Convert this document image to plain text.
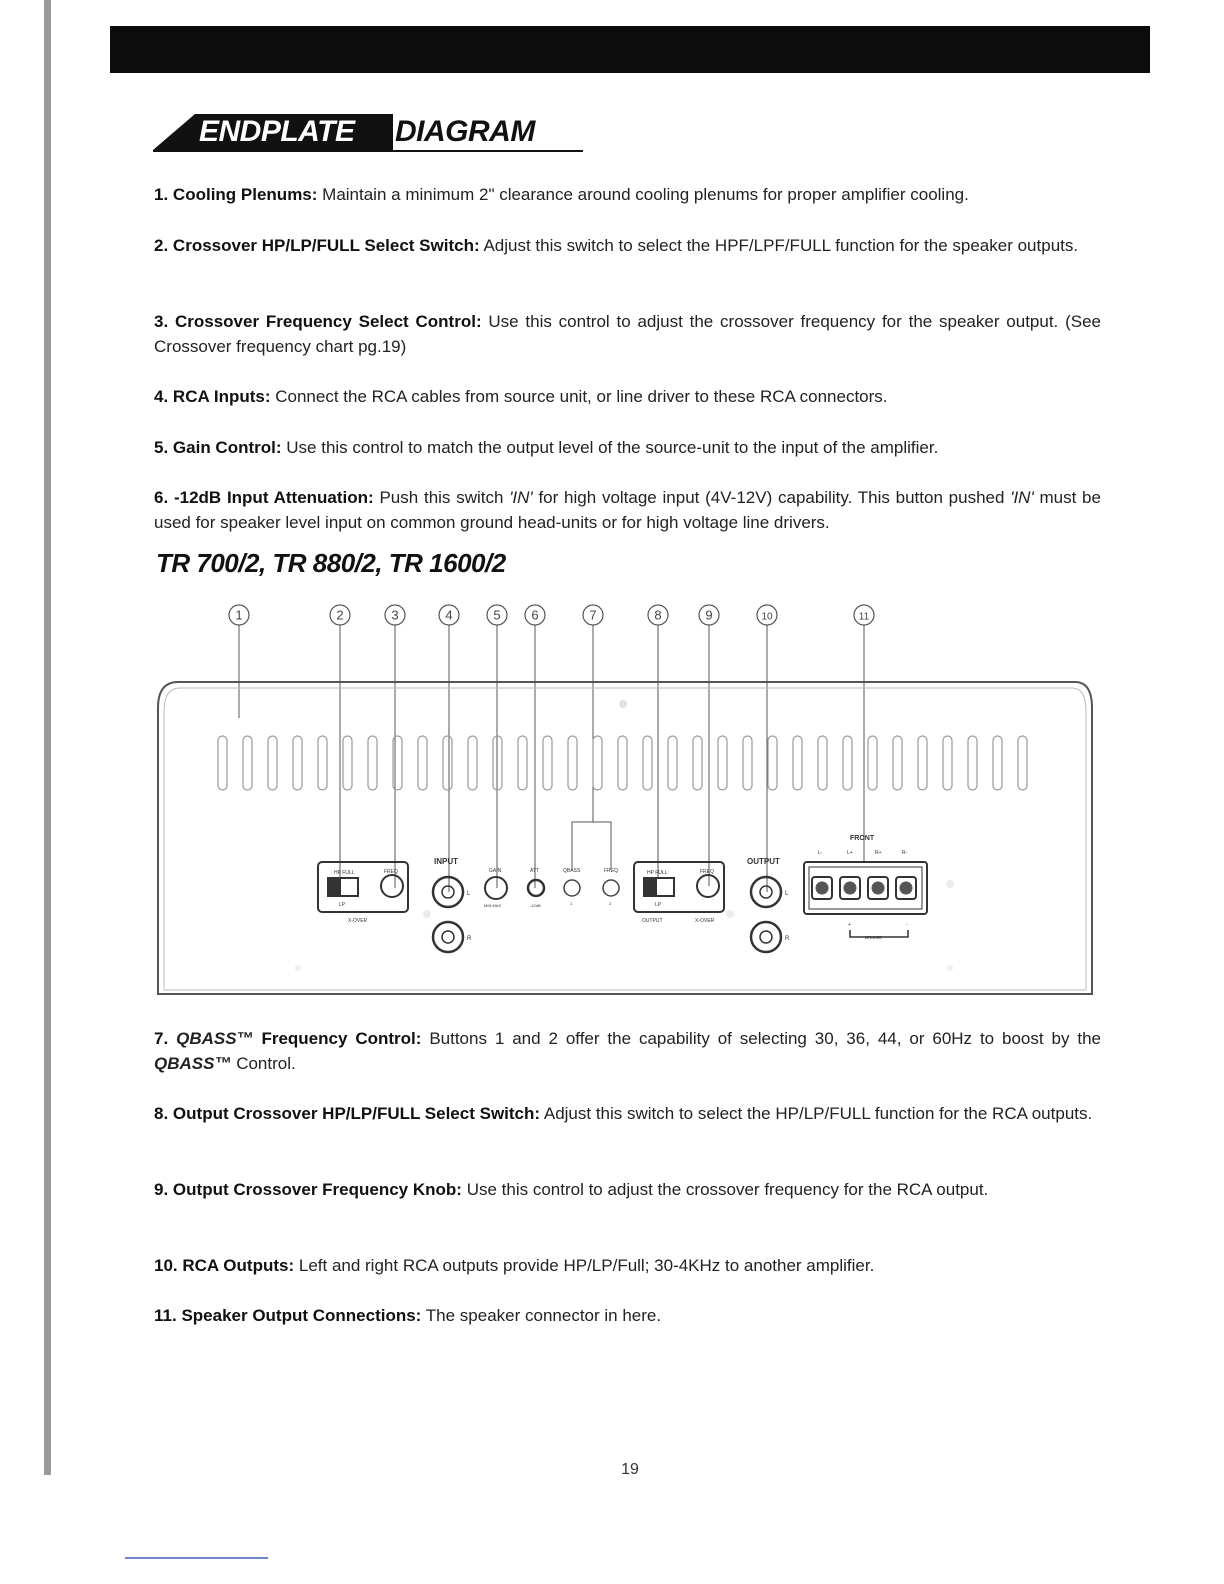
ENDPLATE DIAGRAM
1. Cooling Plenums: Maintain a minimum 2" clearance around cooling plenums for proper amplifier cooling.
2. Crossover HP/LP/FULL Select Switch: Adjust this switch to select the HPF/LPF/FULL function for the speaker outputs.
3. Crossover Frequency Select Control: Use this control to adjust the crossover frequency for the speaker output. (See Crossover frequency chart pg.19)
4. RCA Inputs: Connect the RCA cables from source unit, or line driver to these RCA connectors.
5. Gain Control: Use this control to match the output level of the source-unit to the input of the amplifier.
6. -12dB Input Attenuation: Push this switch 'IN' for high voltage input (4V-12V) capability. This button pushed 'IN' must be used for speaker level input on common ground head-units or for high voltage line drivers.
TR 700/2, TR 880/2, TR 1600/2
1	2	3	4	5 6	7	8	9	10	11
HP FULL	FREQ
LP
X-OVER
INPUT
L
R
GAIN
MIN MAX
ATT
-12dB
QBASS
1
FREQ
2
HP FULL	FREQ
LP
OUTPUT	X-OVER
OUTPUT
L
R
FRONT
L-	L+	R+	R-
+	-
BRIDGE
7. QBASS™ Frequency Control: Buttons 1 and 2 offer the capability of selecting 30, 36, 44, or 60Hz to boost by the QBASS™ Control.
8. Output Crossover HP/LP/FULL Select Switch: Adjust this switch to select the HP/LP/FULL function for the RCA outputs.
9. Output Crossover Frequency Knob: Use this control to adjust the crossover frequency for the RCA output.
10. RCA Outputs: Left and right RCA outputs provide HP/LP/Full; 30-4KHz to another amplifier.
11. Speaker Output Connections: The speaker connector in here.
19
